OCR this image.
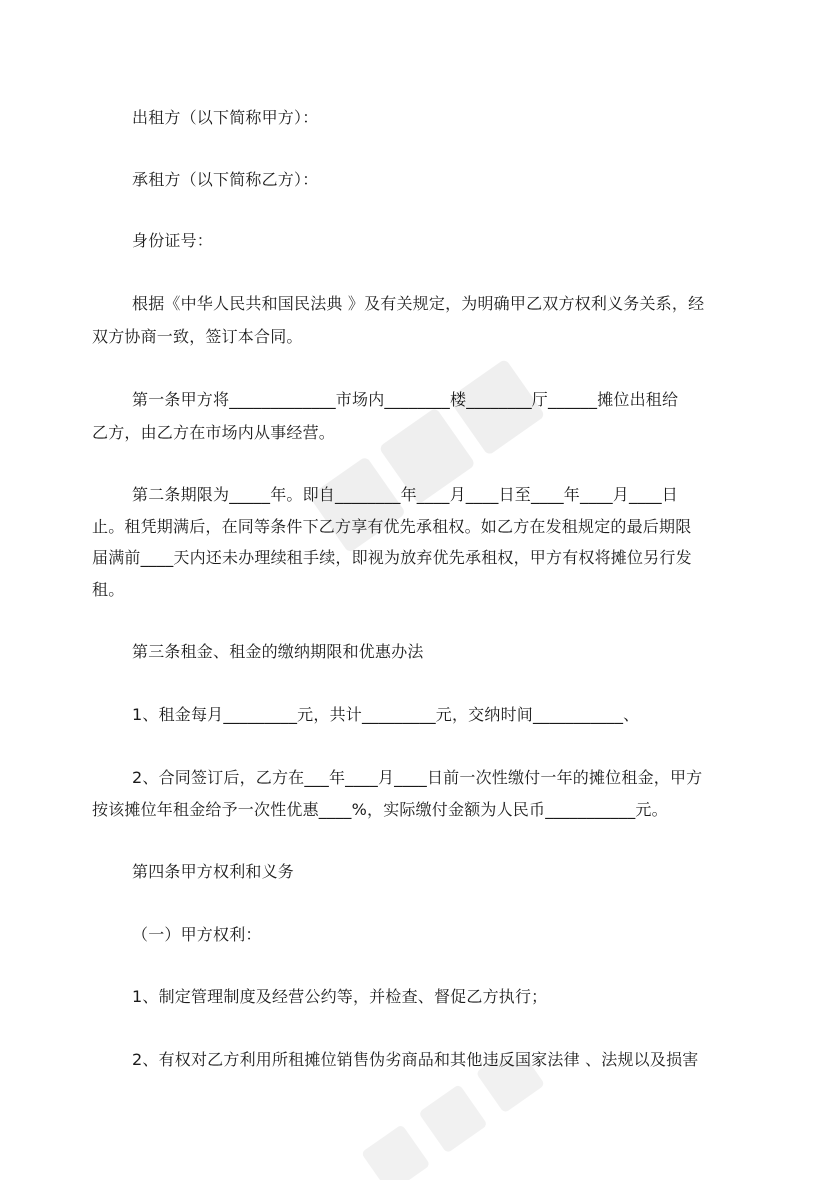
出租方（以下简称甲方）：
承租方（以下简称乙方）：
身份证号：
根据《中华人民共和国民法典 》及有关规定，为明确甲乙双方权利义务关系，经
双方协商一致，签订本合同。
第一条甲方将_____________市场内________楼________厅______摊位出租给
乙方，由乙方在市场内从事经营。
第二条期限为_____年。即自________年____月____日至____年____月____日
止。租凭期满后，在同等条件下乙方享有优先承租权。如乙方在发租规定的最后期限
届满前____天内还未办理续租手续，即视为放弃优先承租权，甲方有权将摊位另行发
租。
第三条租金、租金的缴纳期限和优惠办法
1、租金每月_________元，共计_________元，交纳时间___________、
2、合同签订后，乙方在___年____月____日前一次性缴付一年的摊位租金，甲方
按该摊位年租金给予一次性优惠____%，实际缴付金额为人民币___________元。
第四条甲方权利和义务
（一）甲方权利：
1、制定管理制度及经营公约等，并检查、督促乙方执行；
2、有权对乙方利用所租摊位销售伪劣商品和其他违反国家法律 、法规以及损害
